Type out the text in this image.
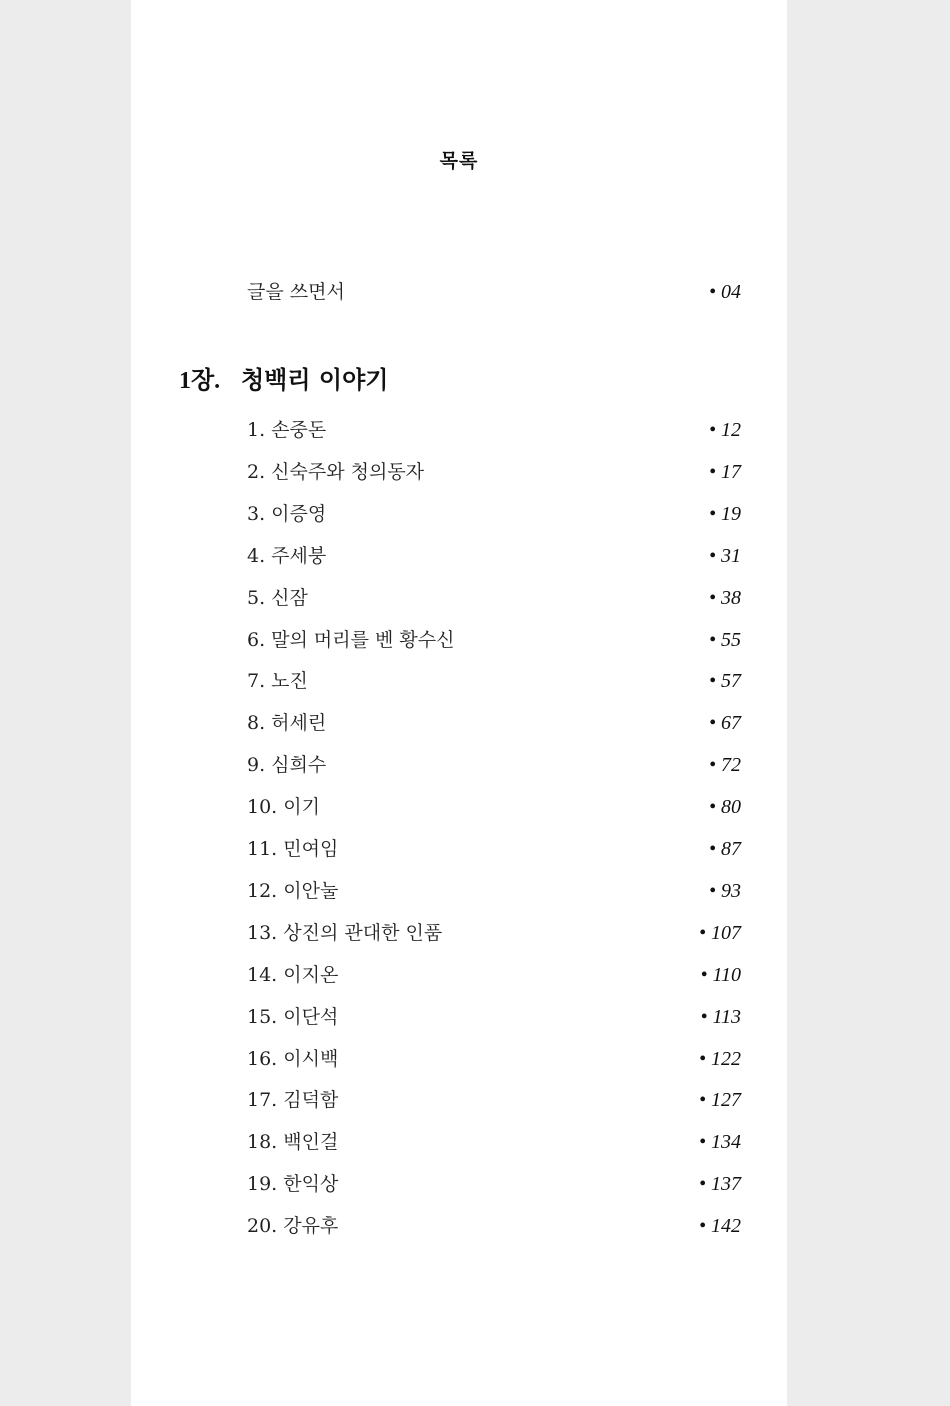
목록
글을 쓰면서	• 04
1장. 청백리 이야기
1. 손중돈	• 12
2. 신숙주와 청의동자	• 17
3. 이증영	• 19
4. 주세붕	• 31
5. 신잠	• 38
6. 말의 머리를 벤 황수신	• 55
7. 노진	• 57
8. 허세린	• 67
9. 심희수	• 72
10. 이기	• 80
11. 민여임	• 87
12. 이안눌	• 93
13. 상진의 관대한 인품	• 107
14. 이지온	• 110
15. 이단석	• 113
16. 이시백	• 122
17. 김덕함	• 127
18. 백인걸	• 134
19. 한익상	• 137
20. 강유후	• 142
